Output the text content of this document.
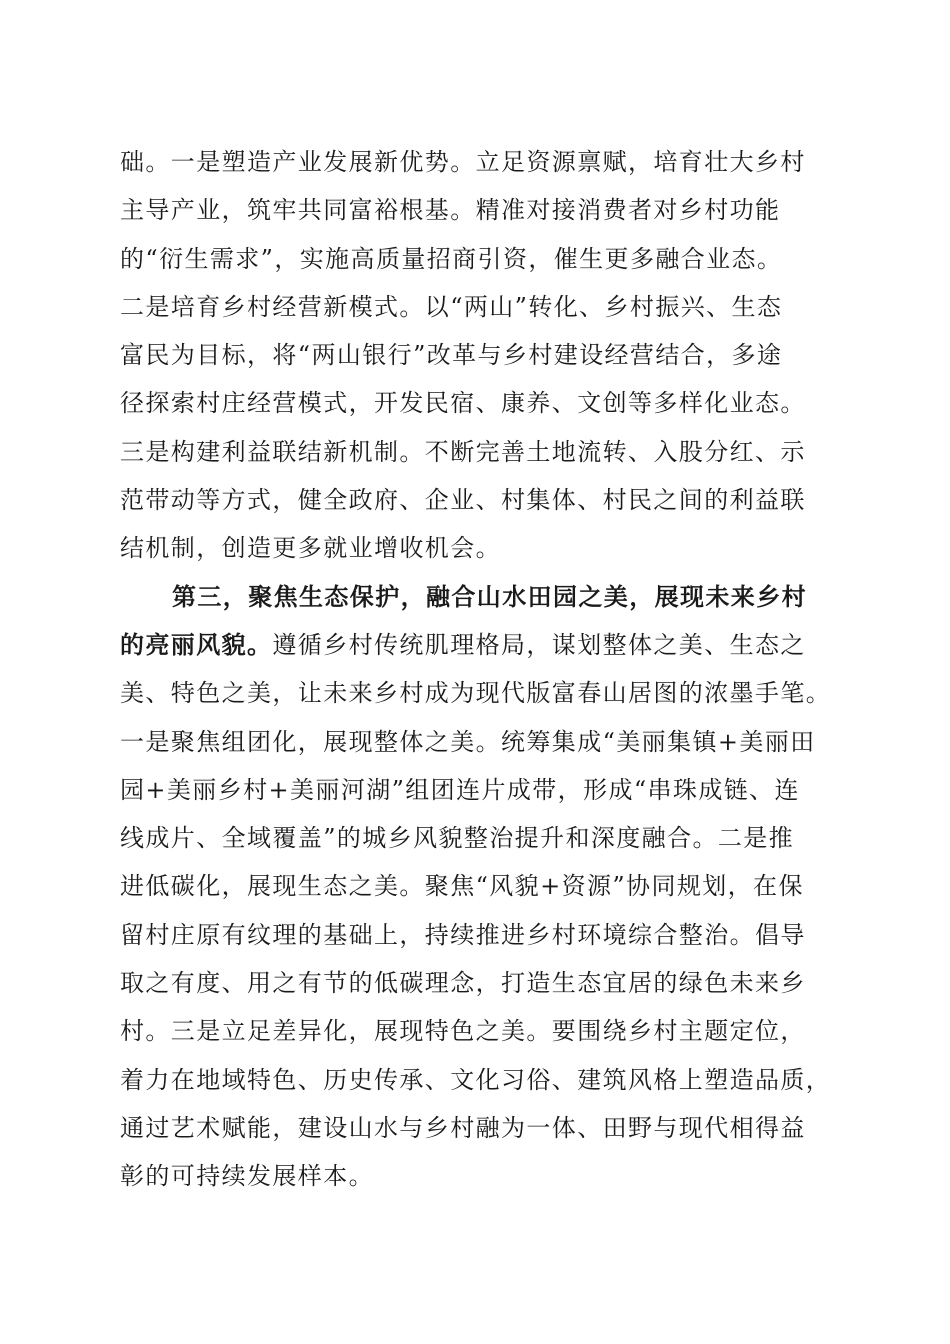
础。一是塑造产业发展新优势。立足资源禀赋，培育壮大乡村
主导产业，筑牢共同富裕根基。精准对接消费者对乡村功能
的“衍生需求”，实施高质量招商引资，催生更多融合业态。
二是培育乡村经营新模式。以“两山”转化、乡村振兴、生态
富民为目标，将“两山银行”改革与乡村建设经营结合，多途
径探索村庄经营模式，开发民宿、康养、文创等多样化业态。
三是构建利益联结新机制。不断完善土地流转、入股分红、示
范带动等方式，健全政府、企业、村集体、村民之间的利益联
结机制，创造更多就业增收机会。
第三，聚焦生态保护，融合山水田园之美，展现未来乡村
的亮丽风貌。遵循乡村传统肌理格局，谋划整体之美、生态之
美、特色之美，让未来乡村成为现代版富春山居图的浓墨手笔。
一是聚焦组团化，展现整体之美。统筹集成“美丽集镇+美丽田
园+美丽乡村+美丽河湖”组团连片成带，形成“串珠成链、连
线成片、全域覆盖”的城乡风貌整治提升和深度融合。二是推
进低碳化，展现生态之美。聚焦“风貌+资源”协同规划，在保
留村庄原有纹理的基础上，持续推进乡村环境综合整治。倡导
取之有度、用之有节的低碳理念，打造生态宜居的绿色未来乡
村。三是立足差异化，展现特色之美。要围绕乡村主题定位，
着力在地域特色、历史传承、文化习俗、建筑风格上塑造品质，
通过艺术赋能，建设山水与乡村融为一体、田野与现代相得益
彰的可持续发展样本。
